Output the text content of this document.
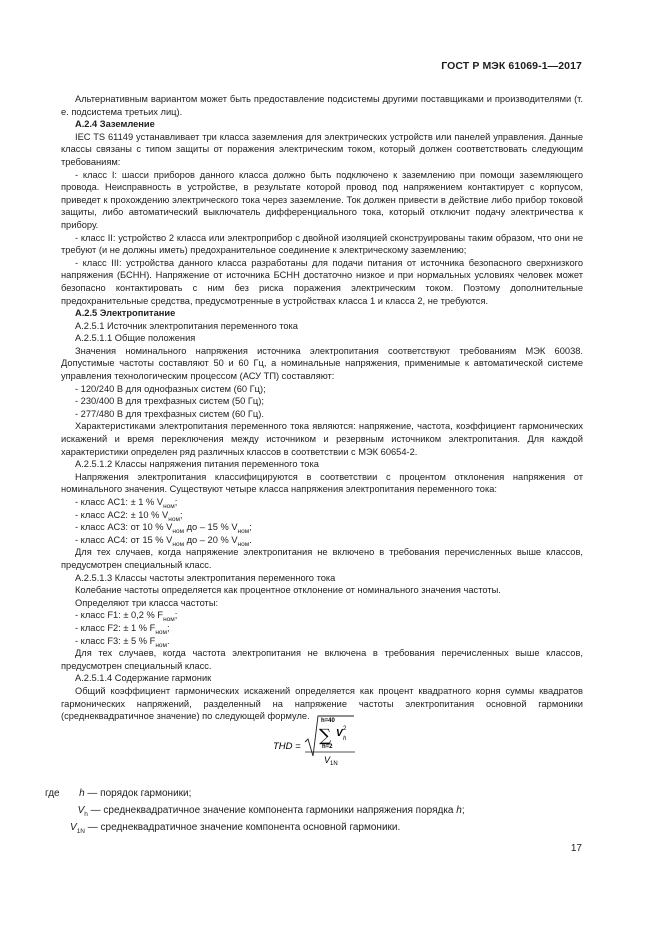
ГОСТ Р МЭК 61069-1—2017

Альтернативным вариантом может быть предоставление подсистемы другими поставщиками и производителями (т. е. подсистема третьих лиц).

А.2.4 Заземление

IEC TS 61149 устанавливает три класса заземления для электрических устройств или панелей управления. Данные классы связаны с типом защиты от поражения электрическим током, который должен соответствовать следующим требованиям:

- класс I: шасси приборов данного класса должно быть подключено к заземлению при помощи заземляющего провода. Неисправность в устройстве, в результате которой провод под напряжением контактирует с корпусом, приведет к прохождению электрического тока через заземление. Ток должен привести в действие либо прибор токовой защиты, либо автоматический выключатель дифференциального тока, который отключит подачу электричества к прибору.

- класс II: устройство 2 класса или электроприбор с двойной изоляцией сконструированы таким образом, что они не требуют (и не должны иметь) предохранительное соединение к электрическому заземлению;

- класс III: устройства данного класса разработаны для подачи питания от источника безопасного сверхнизкого напряжения (БСНН). Напряжение от источника БСНН достаточно низкое и при нормальных условиях человек может безопасно контактировать с ним без риска поражения электрическим током. Поэтому дополнительные предохранительные средства, предусмотренные в устройствах класса 1 и класса 2, не требуются.

А.2.5 Электропитание

А.2.5.1 Источник электропитания переменного тока

А.2.5.1.1 Общие положения

Значения номинального напряжения источника электропитания соответствуют требованиям МЭК 60038. Допустимые частоты составляют 50 и 60 Гц, а номинальные напряжения, применимые к автоматической системе управления технологическим процессом (АСУ ТП) составляют:

- 120/240 В для однофазных систем (60 Гц);

- 230/400 В для трехфазных систем (50 Гц);

- 277/480 В для трехфазных систем (60 Гц).

Характеристиками электропитания переменного тока являются: напряжение, частота, коэффициент гармонических искажений и время переключения между источником и резервным источником электропитания. Для каждой характеристики определен ряд различных классов в соответствии с МЭК 60654-2.

А.2.5.1.2 Классы напряжения питания переменного тока

Напряжения электропитания классифицируются в соответствии с процентом отклонения напряжения от номинального значения. Существуют четыре класса напряжения электропитания переменного тока:

- класс AC1: ± 1 % $V_{ном}$;

- класс AC2: ± 10 % $V_{ном}$;

- класс AC3: от 10 % $V_{ном}$ до – 15 % $V_{ном}$;

- класс AC4: от 15 % $V_{ном}$ до – 20 % $V_{ном}$.

Для тех случаев, когда напряжение электропитания не включено в требования перечисленных выше классов, предусмотрен специальный класс.

А.2.5.1.3 Классы частоты электропитания переменного тока

Колебание частоты определяется как процентное отклонение от номинального значения частоты.

Определяют три класса частоты:

- класс F1: ± 0,2 % $F_{ном}$;

- класс F2: ± 1 % $F_{ном}$;

- класс F3: ± 5 % $F_{ном}$.

Для тех случаев, когда частота электропитания не включена в требования перечисленных выше классов, предусмотрен специальный класс.

А.2.5.1.4 Содержание гармоник

Общий коэффициент гармонических искажений определяется как процент квадратного корня суммы квадратов гармонических напряжений, разделенный на напряжение частоты электропитания основной гармоники (среднеквадратичное значение) по следующей формуле.

THD =
h=40
∑
h=2
V h
2
V 1N
где h — порядок гармоники;
$V_h$ — среднеквадратичное значение компонента гармоники напряжения порядка h;
$V_{1N}$ — среднеквадратичное значение компонента основной гармоники.
17
